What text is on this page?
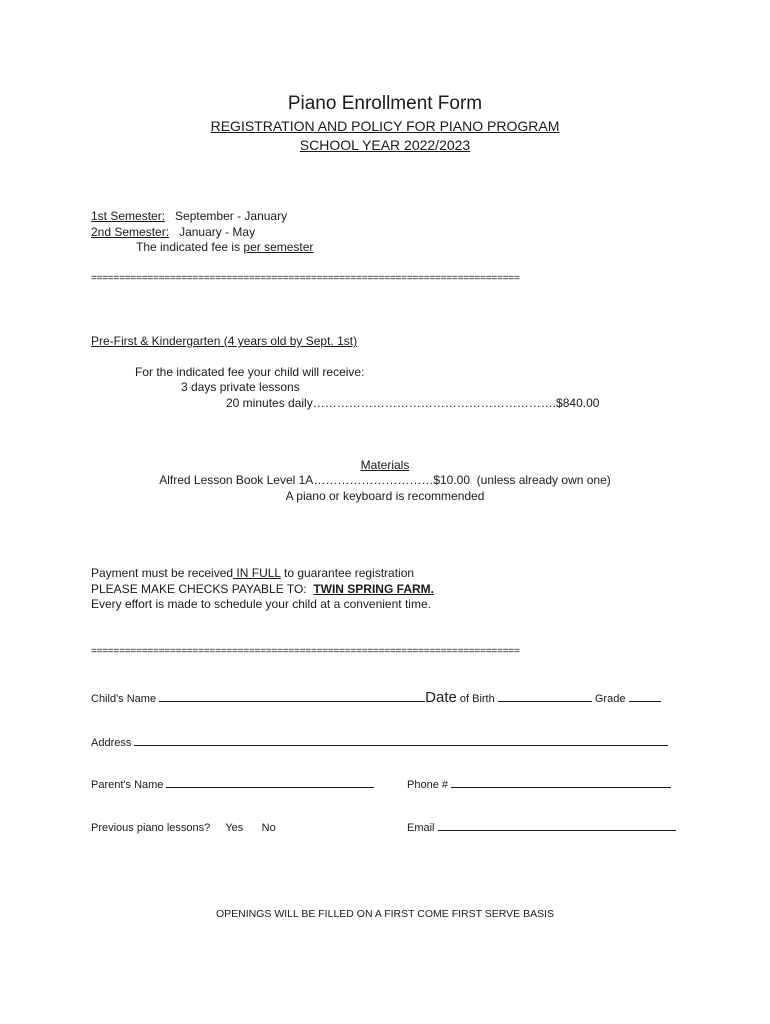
Piano Enrollment Form
REGISTRATION AND POLICY FOR PIANO PROGRAM
SCHOOL YEAR 2022/2023
1st Semester: September - January
2nd Semester: January - May
The indicated fee is per semester
============================================================================
Pre-First & Kindergarten (4 years old by Sept. 1st)
For the indicated fee your child will receive:
3 days private lessons
20 minutes daily…………………………………………………….$840.00
Materials
Alfred Lesson Book Level 1A…………………………$10.00  (unless already own one)
A piano or keyboard is recommended
Payment must be received IN FULL to guarantee registration
PLEASE MAKE CHECKS PAYABLE TO:  TWIN SPRING FARM.
Every effort is made to schedule your child at a convenient time.
============================================================================
Child's Name	Date of Birth	Grade
Address
Parent's Name	Phone #
Previous piano lessons? Yes No	Email
OPENINGS WILL BE FILLED ON A FIRST COME FIRST SERVE BASIS
